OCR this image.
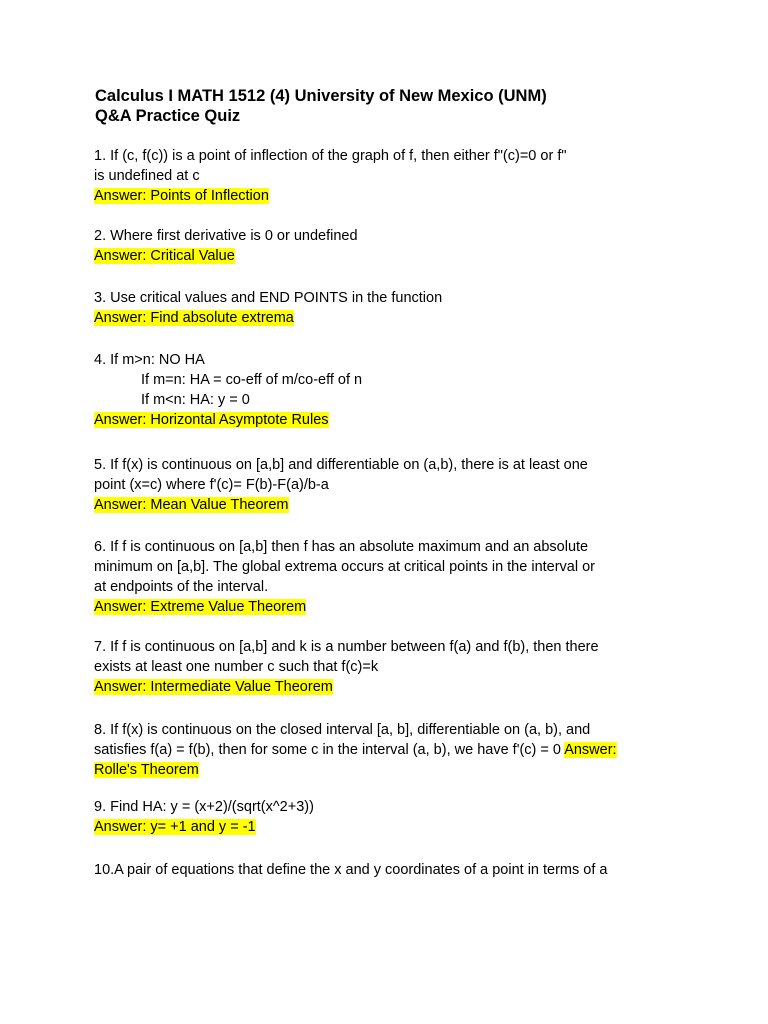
Calculus I MATH 1512 (4) University of New Mexico (UNM)
Q&A Practice Quiz
1. If (c, f(c)) is a point of inflection of the graph of f, then either f"(c)=0 or f"
is undefined at c
Answer: Points of Inflection
2. Where first derivative is 0 or undefined
Answer: Critical Value
3. Use critical values and END POINTS in the function
Answer: Find absolute extrema
4. If m>n: NO HA
If m=n: HA = co-eff of m/co-eff of n
If m<n: HA: y = 0
Answer: Horizontal Asymptote Rules
5. If f(x) is continuous on [a,b] and differentiable on (a,b), there is at least one
point (x=c) where f'(c)= F(b)-F(a)/b-a
Answer: Mean Value Theorem
6. If f is continuous on [a,b] then f has an absolute maximum and an absolute
minimum on [a,b]. The global extrema occurs at critical points in the interval or
at endpoints of the interval.
Answer: Extreme Value Theorem
7. If f is continuous on [a,b] and k is a number between f(a) and f(b), then there
exists at least one number c such that f(c)=k
Answer: Intermediate Value Theorem
8. If f(x) is continuous on the closed interval [a, b], differentiable on (a, b), and
satisfies f(a) = f(b), then for some c in the interval (a, b), we have f'(c) = 0 Answer:
Rolle's Theorem
9. Find HA: y = (x+2)/(sqrt(x^2+3))
Answer: y= +1 and y = -1
10.A pair of equations that define the x and y coordinates of a point in terms of a
